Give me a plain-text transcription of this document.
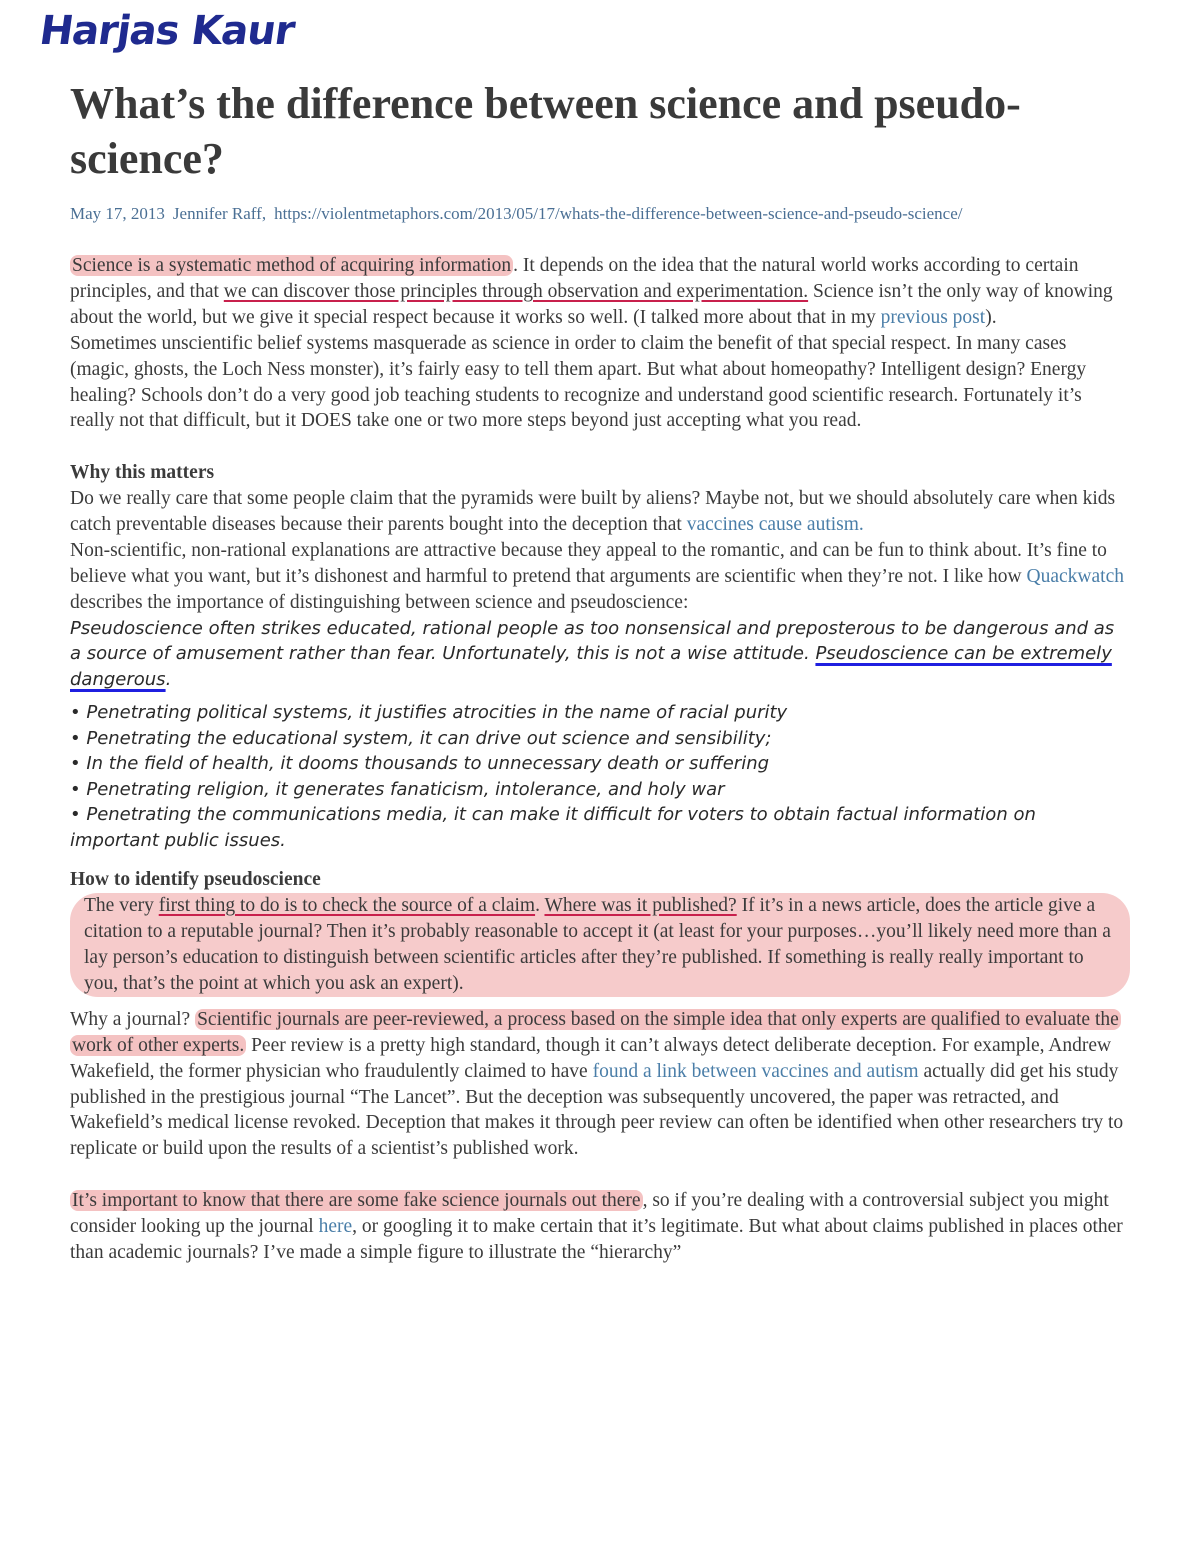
Harjas Kaur

What’s the difference between science and pseudo-science?

May 17, 2013 Jennifer Raff, https://violentmetaphors.com/2013/05/17/whats-the-difference-between-science-and-pseudo-science/

Science is a systematic method of acquiring information . It depends on the idea that the natural world works according to certain principles, and that we can discover those principles through observation and experimentation. Science isn’t the only way of knowing about the world, but we give it special respect because it works so well. (I talked more about that in my previous post).

Sometimes unscientific belief systems masquerade as science in order to claim the benefit of that special respect. In many cases (magic, ghosts, the Loch Ness monster), it’s fairly easy to tell them apart. But what about homeopathy? Intelligent design? Energy healing? Schools don’t do a very good job teaching students to recognize and understand good scientific research. Fortunately it’s really not that difficult, but it DOES take one or two more steps beyond just accepting what you read.

Why this matters

Do we really care that some people claim that the pyramids were built by aliens? Maybe not, but we should absolutely care when kids catch preventable diseases because their parents bought into the deception that vaccines cause autism.

Non-scientific, non-rational explanations are attractive because they appeal to the romantic, and can be fun to think about. It’s fine to believe what you want, but it’s dishonest and harmful to pretend that arguments are scientific when they’re not. I like how Quackwatch describes the importance of distinguishing between science and pseudoscience:

Pseudoscience often strikes educated, rational people as too nonsensical and preposterous to be dangerous and as a source of amusement rather than fear. Unfortunately, this is not a wise attitude. Pseudoscience can be extremely dangerous.

• Penetrating political systems, it justifies atrocities in the name of racial purity

• Penetrating the educational system, it can drive out science and sensibility;

• In the field of health, it dooms thousands to unnecessary death or suffering

• Penetrating religion, it generates fanaticism, intolerance, and holy war

• Penetrating the communications media, it can make it difficult for voters to obtain factual information on important public issues.

How to identify pseudoscience

The very first thing to do is to check the source of a claim. Where was it published? If it’s in a news article, does the article give a citation to a reputable journal? Then it’s probably reasonable to accept it (at least for your purposes…you’ll likely need more than a lay person’s education to distinguish between scientific articles after they’re published. If something is really really important to you, that’s the point at which you ask an expert).

Why a journal? Scientific journals are peer-reviewed, a process based on the simple idea that only experts are qualified to evaluate the work of other experts. Peer review is a pretty high standard, though it can’t always detect deliberate deception. For example, Andrew Wakefield, the former physician who fraudulently claimed to have found a link between vaccines and autism actually did get his study published in the prestigious journal “The Lancet”. But the deception was subsequently uncovered, the paper was retracted, and Wakefield’s medical license revoked. Deception that makes it through peer review can often be identified when other researchers try to replicate or build upon the results of a scientist’s published work.

It’s important to know that there are some fake science journals out there , so if you’re dealing with a controversial subject you might consider looking up the journal here, or googling it to make certain that it’s legitimate. But what about claims published in places other than academic journals? I’ve made a simple figure to illustrate the “hierarchy”
